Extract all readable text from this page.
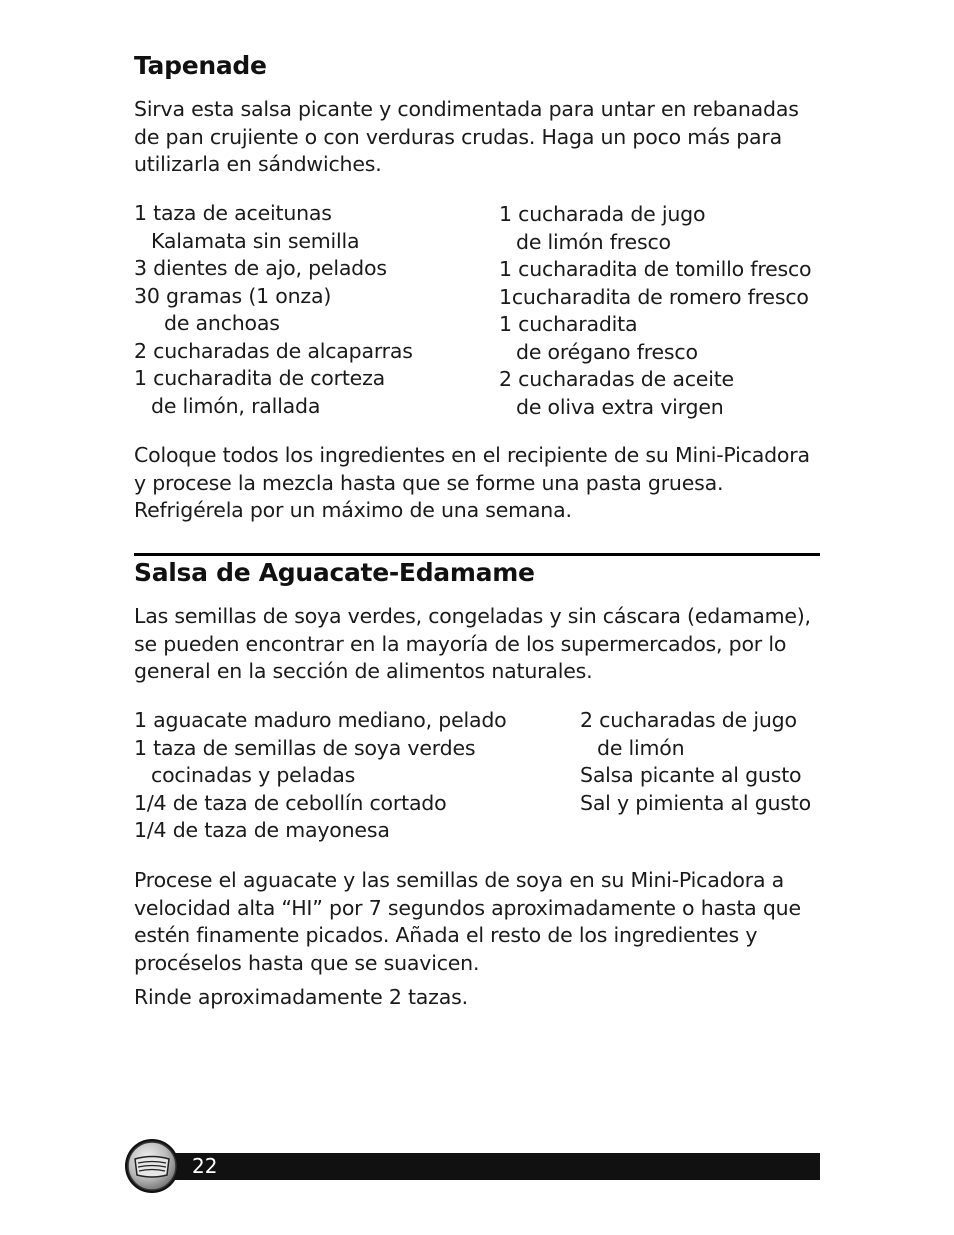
Tapenade

Sirva esta salsa picante y condimentada para untar en rebanadas de pan crujiente o con verduras crudas. Haga un poco más para utilizarla en sándwiches.

1 taza de aceitunas
Kalamata sin semilla
3 dientes de ajo, pelados
30 gramas (1 onza)
de anchoas
2 cucharadas de alcaparras
1 cucharadita de corteza
de limón, rallada
1 cucharada de jugo
de limón fresco
1 cucharadita de tomillo fresco
1cucharadita de romero fresco
1 cucharadita
de orégano fresco
2 cucharadas de aceite
de oliva extra virgen

Coloque todos los ingredientes en el recipiente de su Mini-Picadora y procese la mezcla hasta que se forme una pasta gruesa. Refrigérela por un máximo de una semana.

Salsa de Aguacate-Edamame

Las semillas de soya verdes, congeladas y sin cáscara (edamame), se pueden encontrar en la mayoría de los supermercados, por lo general en la sección de alimentos naturales.

1 aguacate maduro mediano, pelado
1 taza de semillas de soya verdes
cocinadas y peladas
1/4 de taza de cebollín cortado
1/4 de taza de mayonesa
2 cucharadas de jugo
de limón
Salsa picante al gusto
Sal y pimienta al gusto

Procese el aguacate y las semillas de soya en su Mini-Picadora a velocidad alta “HI” por 7 segundos aproximadamente o hasta que estén finamente picados. Añada el resto de los ingredientes y procéselos hasta que se suavicen.

Rinde aproximadamente 2 tazas.

22
